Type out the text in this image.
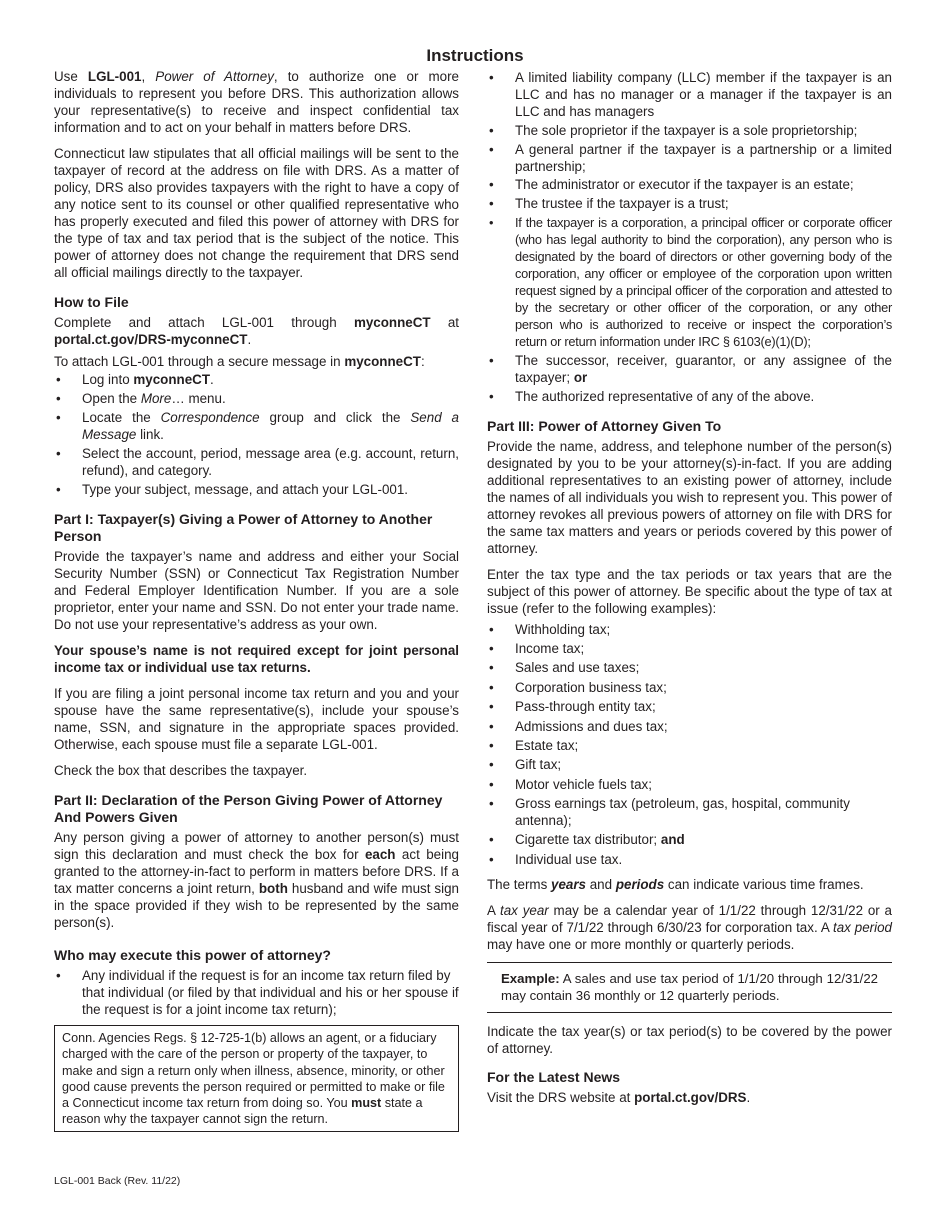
Instructions

Use LGL-001, Power of Attorney, to authorize one or more individuals to represent you before DRS. This authorization allows your representative(s) to receive and inspect confidential tax information and to act on your behalf in matters before DRS.

Connecticut law stipulates that all official mailings will be sent to the taxpayer of record at the address on file with DRS. As a matter of policy, DRS also provides taxpayers with the right to have a copy of any notice sent to its counsel or other qualified representative who has properly executed and filed this power of attorney with DRS for the type of tax and tax period that is the subject of the notice. This power of attorney does not change the requirement that DRS send all official mailings directly to the taxpayer.

How to File

Complete and attach LGL-001 through myconneCT at portal.ct.gov/DRS-myconneCT.

To attach LGL-001 through a secure message in myconneCT:

• Log into myconneCT.
• Open the More… menu.
• Locate the Correspondence group and click the Send a Message link.
• Select the account, period, message area (e.g. account, return, refund), and category.
• Type your subject, message, and attach your LGL-001.
Part I: Taxpayer(s) Giving a Power of Attorney to Another Person

Provide the taxpayer’s name and address and either your Social Security Number (SSN) or Connecticut Tax Registration Number and Federal Employer Identification Number. If you are a sole proprietor, enter your name and SSN. Do not enter your trade name. Do not use your representative’s address as your own.

Your spouse’s name is not required except for joint personal income tax or individual use tax returns.

If you are filing a joint personal income tax return and you and your spouse have the same representative(s), include your spouse’s name, SSN, and signature in the appropriate spaces provided. Otherwise, each spouse must file a separate LGL-001.

Check the box that describes the taxpayer.

Part II: Declaration of the Person Giving Power of Attorney And Powers Given

Any person giving a power of attorney to another person(s) must sign this declaration and must check the box for each act being granted to the attorney-in-fact to perform in matters before DRS. If a tax matter concerns a joint return, both husband and wife must sign in the space provided if they wish to be represented by the same person(s).

Who may execute this power of attorney?
• Any individual if the request is for an income tax return filed by that individual (or filed by that individual and his or her spouse if the request is for a joint income tax return);
Conn. Agencies Regs. § 12-725-1(b) allows an agent, or a fiduciary charged with the care of the person or property of the taxpayer, to make and sign a return only when illness, absence, minority, or other good cause prevents the person required or permitted to make or file a Connecticut income tax return from doing so. You must state a reason why the taxpayer cannot sign the return.
• A limited liability company (LLC) member if the taxpayer is an LLC and has no manager or a manager if the taxpayer is an LLC and has managers
• The sole proprietor if the taxpayer is a sole proprietorship;
• A general partner if the taxpayer is a partnership or a limited partnership;
• The administrator or executor if the taxpayer is an estate;
• The trustee if the taxpayer is a trust;
• If the taxpayer is a corporation, a principal officer or corporate officer (who has legal authority to bind the corporation), any person who is designated by the board of directors or other governing body of the corporation, any officer or employee of the corporation upon written request signed by a principal officer of the corporation and attested to by the secretary or other officer of the corporation, or any other person who is authorized to receive or inspect the corporation’s return or return information under IRC § 6103(e)(1)(D);
• The successor, receiver, guarantor, or any assignee of the taxpayer; or
• The authorized representative of any of the above.
Part III: Power of Attorney Given To

Provide the name, address, and telephone number of the person(s) designated by you to be your attorney(s)-in-fact. If you are adding additional representatives to an existing power of attorney, include the names of all individuals you wish to represent you. This power of attorney revokes all previous powers of attorney on file with DRS for the same tax matters and years or periods covered by this power of attorney.

Enter the tax type and the tax periods or tax years that are the subject of this power of attorney. Be specific about the type of tax at issue (refer to the following examples):

• Withholding tax;
• Income tax;
• Sales and use taxes;
• Corporation business tax;
• Pass-through entity tax;
• Admissions and dues tax;
• Estate tax;
• Gift tax;
• Motor vehicle fuels tax;
• Gross earnings tax (petroleum, gas, hospital, community antenna);
• Cigarette tax distributor; and
• Individual use tax.

The terms years and periods can indicate various time frames.

A tax year may be a calendar year of 1/1/22 through 12/31/22 or a fiscal year of 7/1/22 through 6/30/23 for corporation tax. A tax period may have one or more monthly or quarterly periods.

Example: A sales and use tax period of 1/1/20 through 12/31/22 may contain 36 monthly or 12 quarterly periods.

Indicate the tax year(s) or tax period(s) to be covered by the power of attorney.

For the Latest News

Visit the DRS website at portal.ct.gov/DRS.

LGL-001 Back (Rev. 11/22)
